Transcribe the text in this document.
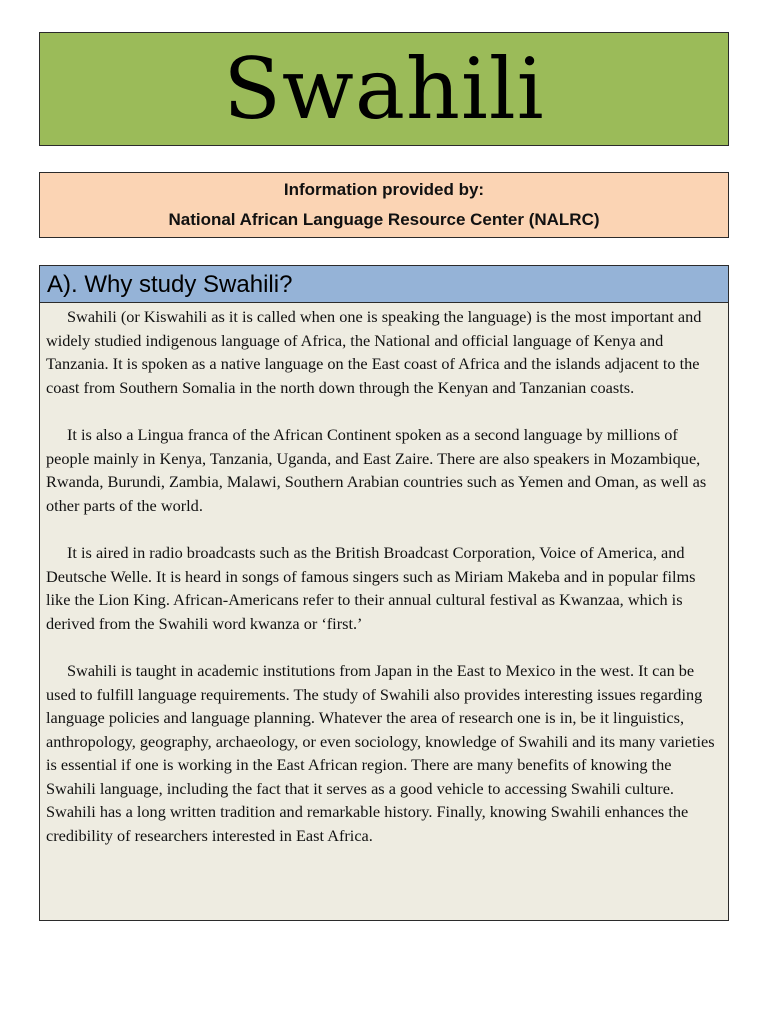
Swahili
Information provided by:
National African Language Resource Center (NALRC)
A). Why study Swahili?

Swahili (or Kiswahili as it is called when one is speaking the language) is the most important and widely studied indigenous language of Africa, the National and official language of Kenya and Tanzania. It is spoken as a native language on the East coast of Africa and the islands adjacent to the coast from Southern Somalia in the north down through the Kenyan and Tanzanian coasts.

It is also a Lingua franca of the African Continent spoken as a second language by millions of people mainly in Kenya, Tanzania, Uganda, and East Zaire. There are also speakers in Mozambique, Rwanda, Burundi, Zambia, Malawi, Southern Arabian countries such as Yemen and Oman, as well as other parts of the world.

It is aired in radio broadcasts such as the British Broadcast Corporation, Voice of America, and Deutsche Welle. It is heard in songs of famous singers such as Miriam Makeba and in popular films like the Lion King. African-Americans refer to their annual cultural festival as Kwanzaa, which is derived from the Swahili word kwanza or ‘first.’

Swahili is taught in academic institutions from Japan in the East to Mexico in the west. It can be used to fulfill language requirements. The study of Swahili also provides interesting issues regarding language policies and language planning. Whatever the area of research one is in, be it linguistics, anthropology, geography, archaeology, or even sociology, knowledge of Swahili and its many varieties is essential if one is working in the East African region. There are many benefits of knowing the Swahili language, including the fact that it serves as a good vehicle to accessing Swahili culture. Swahili has a long written tradition and remarkable history. Finally, knowing Swahili enhances the credibility of researchers interested in East Africa.
